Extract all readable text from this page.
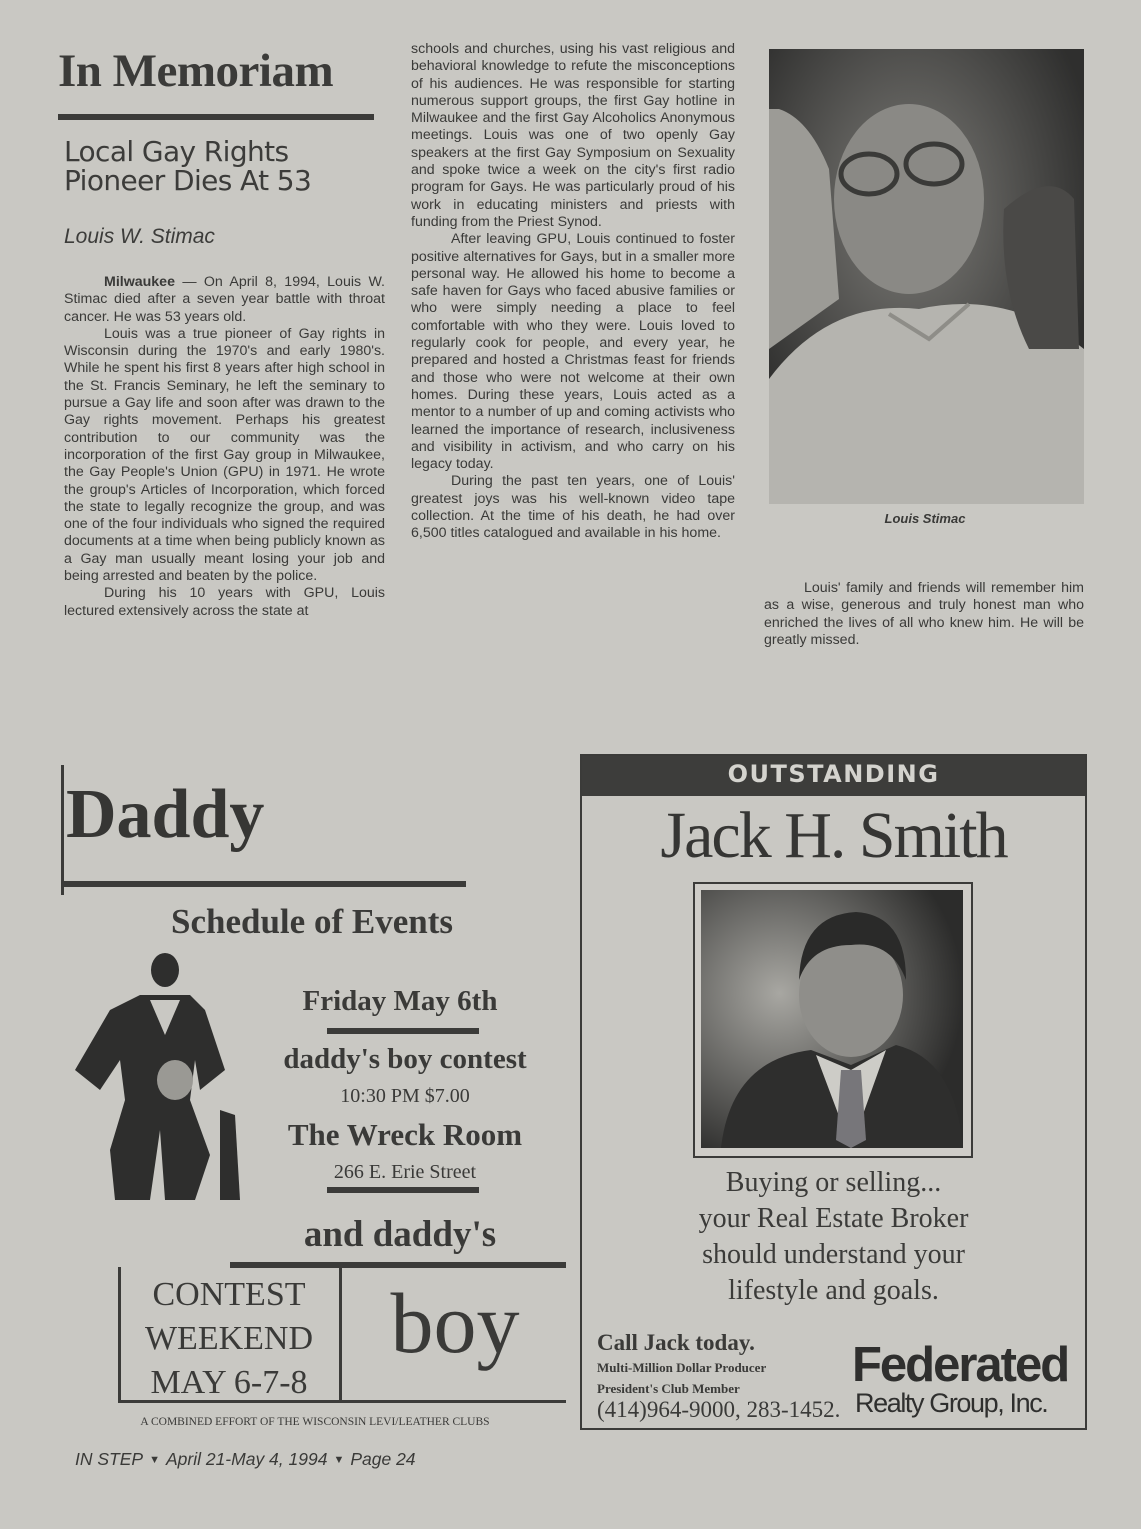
In Memoriam
Local Gay Rights
Pioneer Dies At 53
Louis W. Stimac

Milwaukee — On April 8, 1994, Louis W. Stimac died after a seven year battle with throat cancer. He was 53 years old.

Louis was a true pioneer of Gay rights in Wisconsin during the 1970's and early 1980's. While he spent his first 8 years after high school in the St. Francis Seminary, he left the seminary to pursue a Gay life and soon after was drawn to the Gay rights movement. Perhaps his greatest contribution to our community was the incorporation of the first Gay group in Milwaukee, the Gay People's Union (GPU) in 1971. He wrote the group's Articles of Incorporation, which forced the state to legally recognize the group, and was one of the four individuals who signed the required documents at a time when being publicly known as a Gay man usually meant losing your job and being arrested and beaten by the police.

During his 10 years with GPU, Louis lectured extensively across the state at

schools and churches, using his vast religious and behavioral knowledge to refute the misconceptions of his audiences. He was responsible for starting numerous support groups, the first Gay hotline in Milwaukee and the first Gay Alcoholics Anonymous meetings. Louis was one of two openly Gay speakers at the first Gay Symposium on Sexuality and spoke twice a week on the city's first radio program for Gays. He was particularly proud of his work in educating ministers and priests with funding from the Priest Synod.

After leaving GPU, Louis continued to foster positive alternatives for Gays, but in a smaller more personal way. He allowed his home to become a safe haven for Gays who faced abusive families or who were simply needing a place to feel comfortable with who they were. Louis loved to regularly cook for people, and every year, he prepared and hosted a Christmas feast for friends and those who were not welcome at their own homes. During these years, Louis acted as a mentor to a number of up and coming activists who learned the importance of research, inclusiveness and visibility in activism, and who carry on his legacy today.

During the past ten years, one of Louis' greatest joys was his well-known video tape collection. At the time of his death, he had over 6,500 titles catalogued and available in his home.

Louis Stimac

Louis' family and friends will remember him as a wise, generous and truly honest man who enriched the lives of all who knew him. He will be greatly missed.

Daddy
Schedule of Events
Friday May 6th
daddy's boy contest
10:30 PM $7.00
The Wreck Room
266 E. Erie Street
and daddy's
CONTEST
WEEKEND
MAY 6-7-8
boy
A COMBINED EFFORT OF THE WISCONSIN LEVI/LEATHER CLUBS
OUTSTANDING
Jack H. Smith
Buying or selling...
your Real Estate Broker
should understand your
lifestyle and goals.
Call Jack today.
Multi-Million Dollar Producer
President's Club Member
(414)964-9000, 283-1452.
Federated
Realty Group, Inc.
IN STEP ▼ April 21-May 4, 1994 ▼ Page 24
